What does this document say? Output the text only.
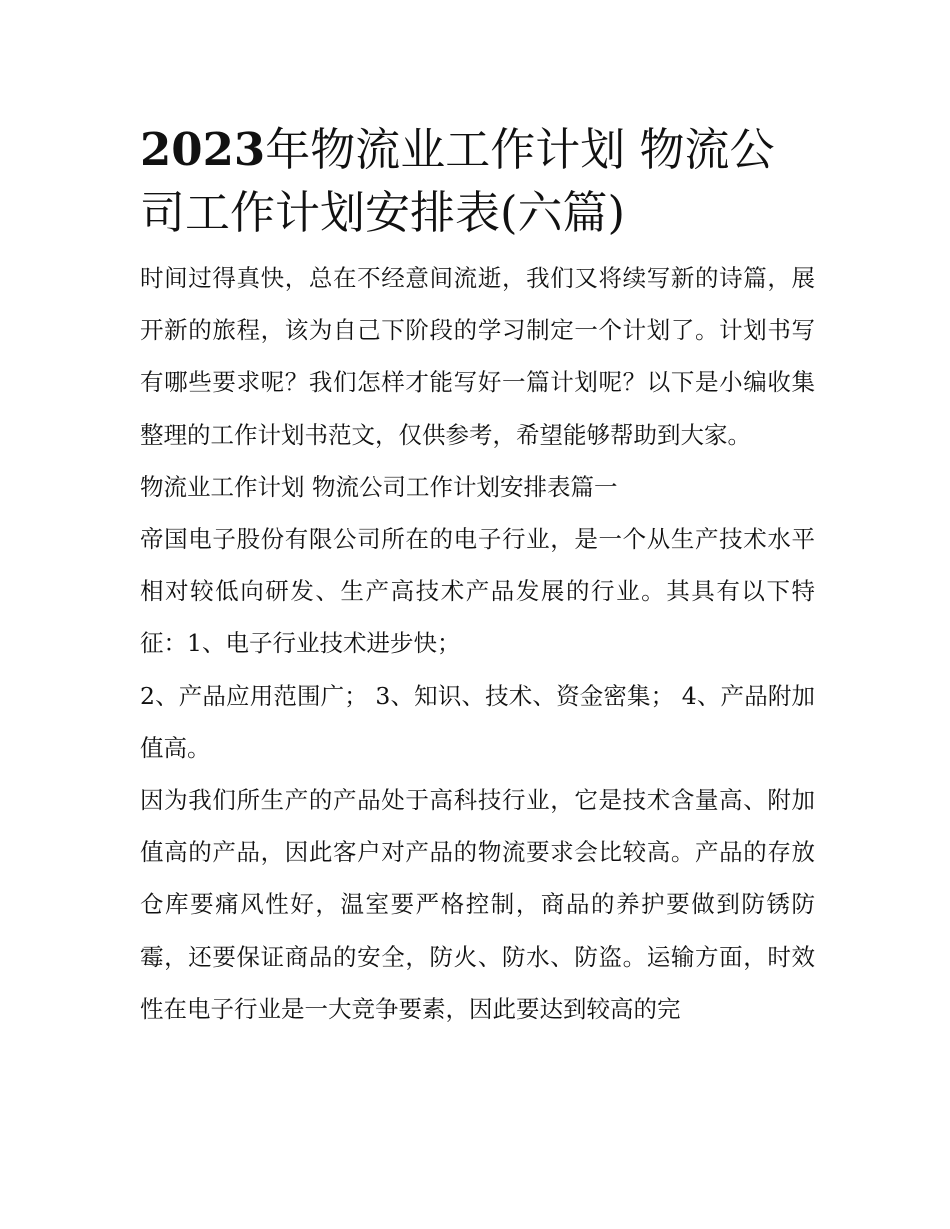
2023年物流业工作计划 物流公司工作计划安排表(六篇)

时间过得真快，总在不经意间流逝，我们又将续写新的诗篇，展开新的旅程，该为自己下阶段的学习制定一个计划了。计划书写有哪些要求呢？我们怎样才能写好一篇计划呢？以下是小编收集整理的工作计划书范文，仅供参考，希望能够帮助到大家。

物流业工作计划 物流公司工作计划安排表篇一

帝国电子股份有限公司所在的电子行业，是一个从生产技术水平相对较低向研发、生产高技术产品发展的行业。其具有以下特征：1、电子行业技术进步快；

2、产品应用范围广； 3、知识、技术、资金密集； 4、产品附加值高。

因为我们所生产的产品处于高科技行业，它是技术含量高、附加值高的产品，因此客户对产品的物流要求会比较高。产品的存放仓库要痛风性好，温室要严格控制，商品的养护要做到防锈防霉，还要保证商品的安全，防火、防水、防盗。运输方面，时效性在电子行业是一大竞争要素，因此要达到较高的完
